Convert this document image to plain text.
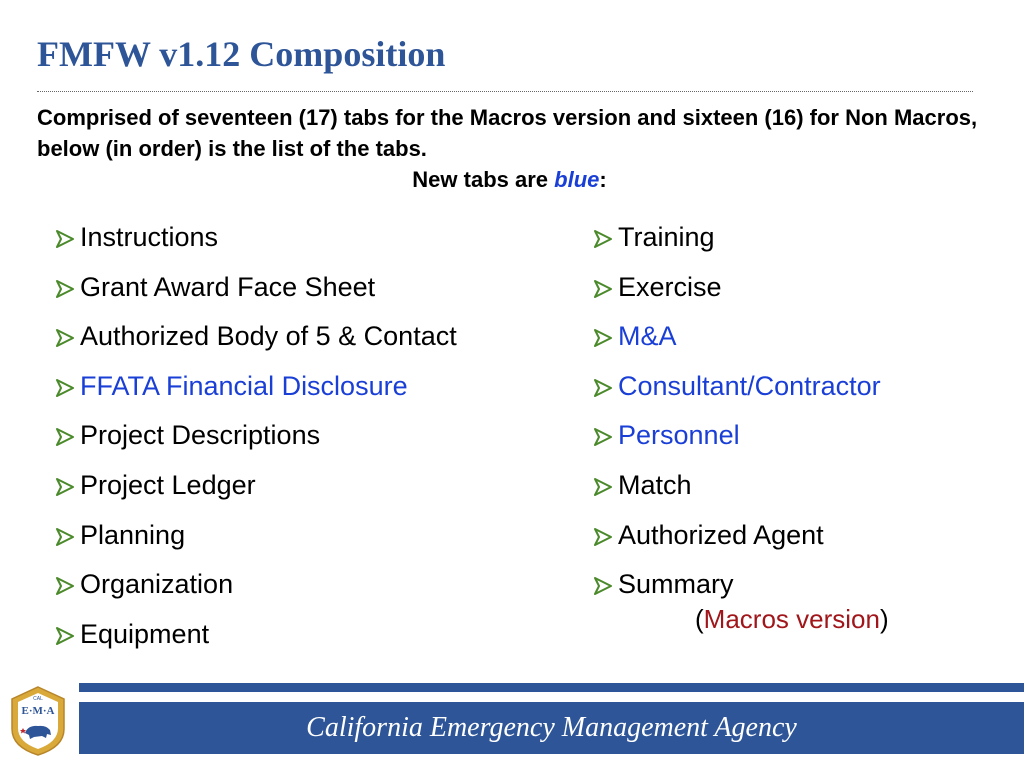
FMFW v1.12 Composition
Comprised of seventeen (17) tabs for the Macros version and sixteen (16) for Non Macros, below (in order) is the list of the tabs.
New tabs are blue:
Instructions
Grant Award Face Sheet
Authorized Body of 5 & Contact
FFATA Financial Disclosure
Project Descriptions
Project Ledger
Planning
Organization
Equipment
Training
Exercise
M&A
Consultant/Contractor
Personnel
Match
Authorized Agent
Summary
(Macros version)
CAL
E·M·A
California Emergency Management Agency
